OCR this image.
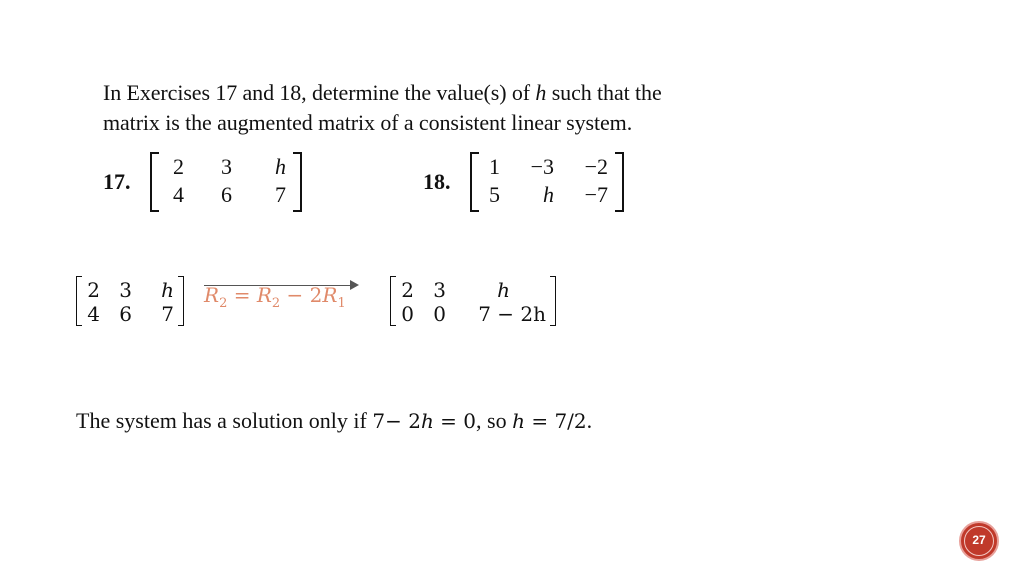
In Exercises 17 and 18, determine the value(s) of h such that the
matrix is the augmented matrix of a consistent linear system.
17.
2	3	h
4	6	7
18.
1	−3	−2
5	h	−7
2 3	h
4 6	7
$R_2 = R_2 - 2R_1$
2 3	h
0 0	7 − 2h
The system has a solution only if 7− 2h = 0, so h = 7/2.
27
